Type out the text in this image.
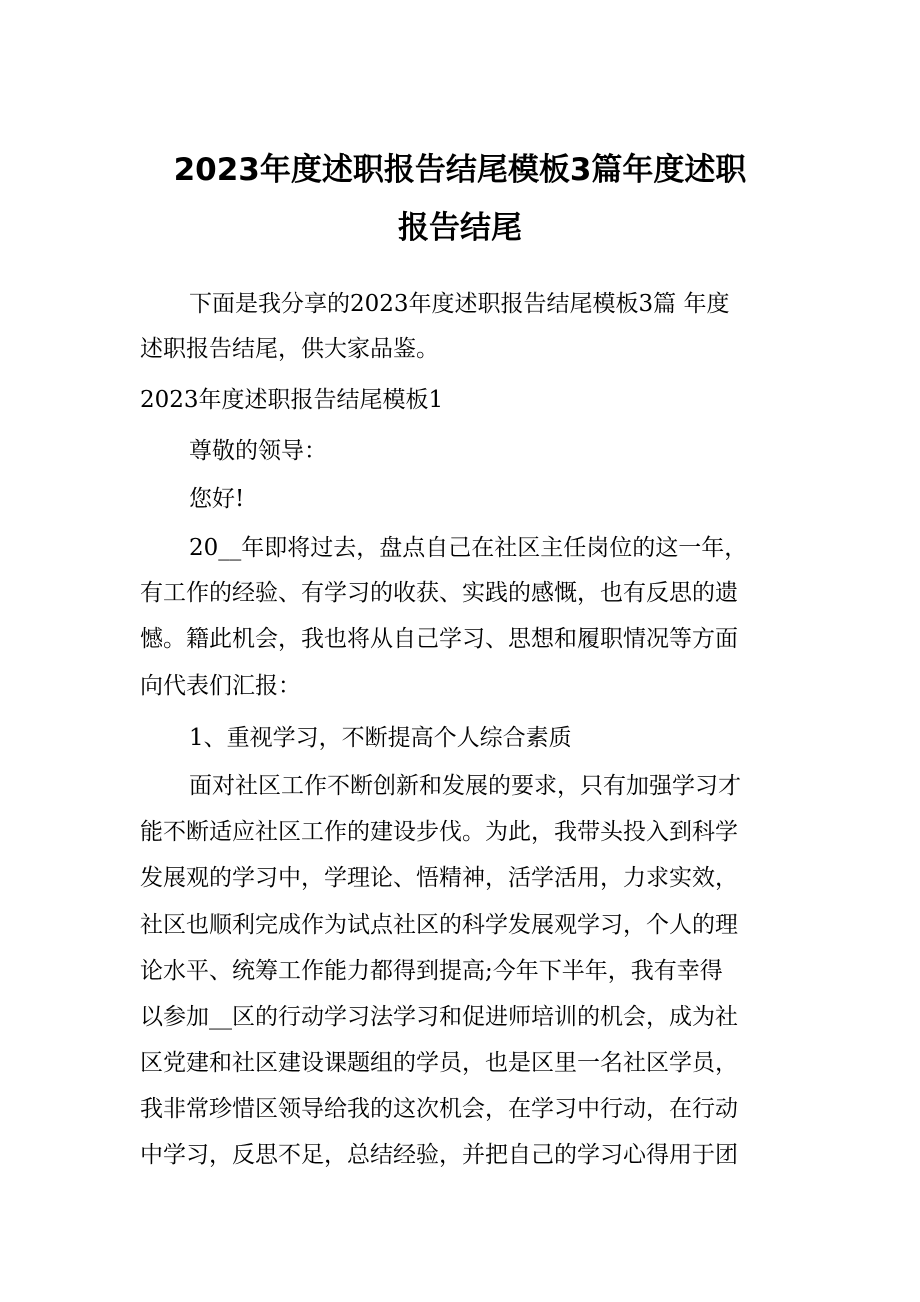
2023年度述职报告结尾模板3篇年度述职
报告结尾

下面是我分享的2023年度述职报告结尾模板3篇 年度

述职报告结尾，供大家品鉴。

2023年度述职报告结尾模板1

尊敬的领导：

您好!

20__年即将过去，盘点自己在社区主任岗位的这一年，

有工作的经验、有学习的收获、实践的感慨，也有反思的遗

憾。籍此机会，我也将从自己学习、思想和履职情况等方面

向代表们汇报：

1、重视学习，不断提高个人综合素质

面对社区工作不断创新和发展的要求，只有加强学习才

能不断适应社区工作的建设步伐。为此，我带头投入到科学

发展观的学习中，学理论、悟精神，活学活用，力求实效，

社区也顺利完成作为试点社区的科学发展观学习，个人的理

论水平、统筹工作能力都得到提高;今年下半年，我有幸得

以参加__区的行动学习法学习和促进师培训的机会，成为社

区党建和社区建设课题组的学员，也是区里一名社区学员，

我非常珍惜区领导给我的这次机会，在学习中行动，在行动

中学习，反思不足，总结经验，并把自己的学习心得用于团
